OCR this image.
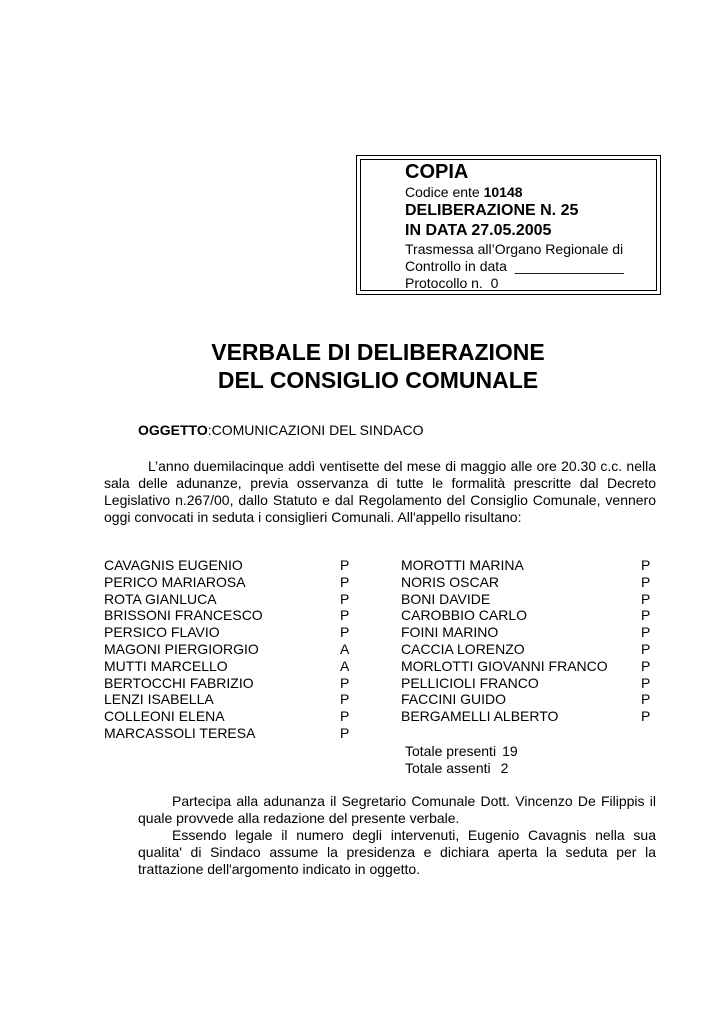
COPIA
Codice ente 10148
DELIBERAZIONE N. 25
IN DATA 27.05.2005
Trasmessa all’Organo Regionale di
Controllo in data  ______________
Protocollo n.  0
VERBALE DI DELIBERAZIONE
DEL CONSIGLIO COMUNALE
OGGETTO:COMUNICAZIONI DEL SINDACO
L’anno duemilacinque addì ventisette del mese di maggio alle ore 20.30 c.c. nella sala delle adunanze, previa osservanza di tutte le formalità prescritte dal Decreto Legislativo n.267/00, dallo Statuto e dal Regolamento del Consiglio Comunale, vennero oggi convocati in seduta i consiglieri Comunali. All'appello risultano:
CAVAGNIS EUGENIO
PERICO MARIAROSA
ROTA GIANLUCA
BRISSONI FRANCESCO
PERSICO FLAVIO
MAGONI PIERGIORGIO
MUTTI MARCELLO
BERTOCCHI FABRIZIO
LENZI ISABELLA
COLLEONI ELENA
MARCASSOLI TERESA
P
P
P
P
P
A
A
P
P
P
P
MOROTTI MARINA
NORIS OSCAR
BONI DAVIDE
CAROBBIO CARLO
FOINI MARINO
CACCIA LORENZO
MORLOTTI GIOVANNI FRANCO
PELLICIOLI FRANCO
FACCINI GUIDO
BERGAMELLI ALBERTO
P
P
P
P
P
P
P
P
P
P
Totale presenti 19
Totale assenti 2
Partecipa alla adunanza il Segretario Comunale Dott. Vincenzo De Filippis il quale provvede alla redazione del presente verbale.
Essendo legale il numero degli intervenuti, Eugenio Cavagnis nella sua qualita' di Sindaco assume la presidenza e dichiara aperta la seduta per la trattazione dell'argomento indicato in oggetto.
